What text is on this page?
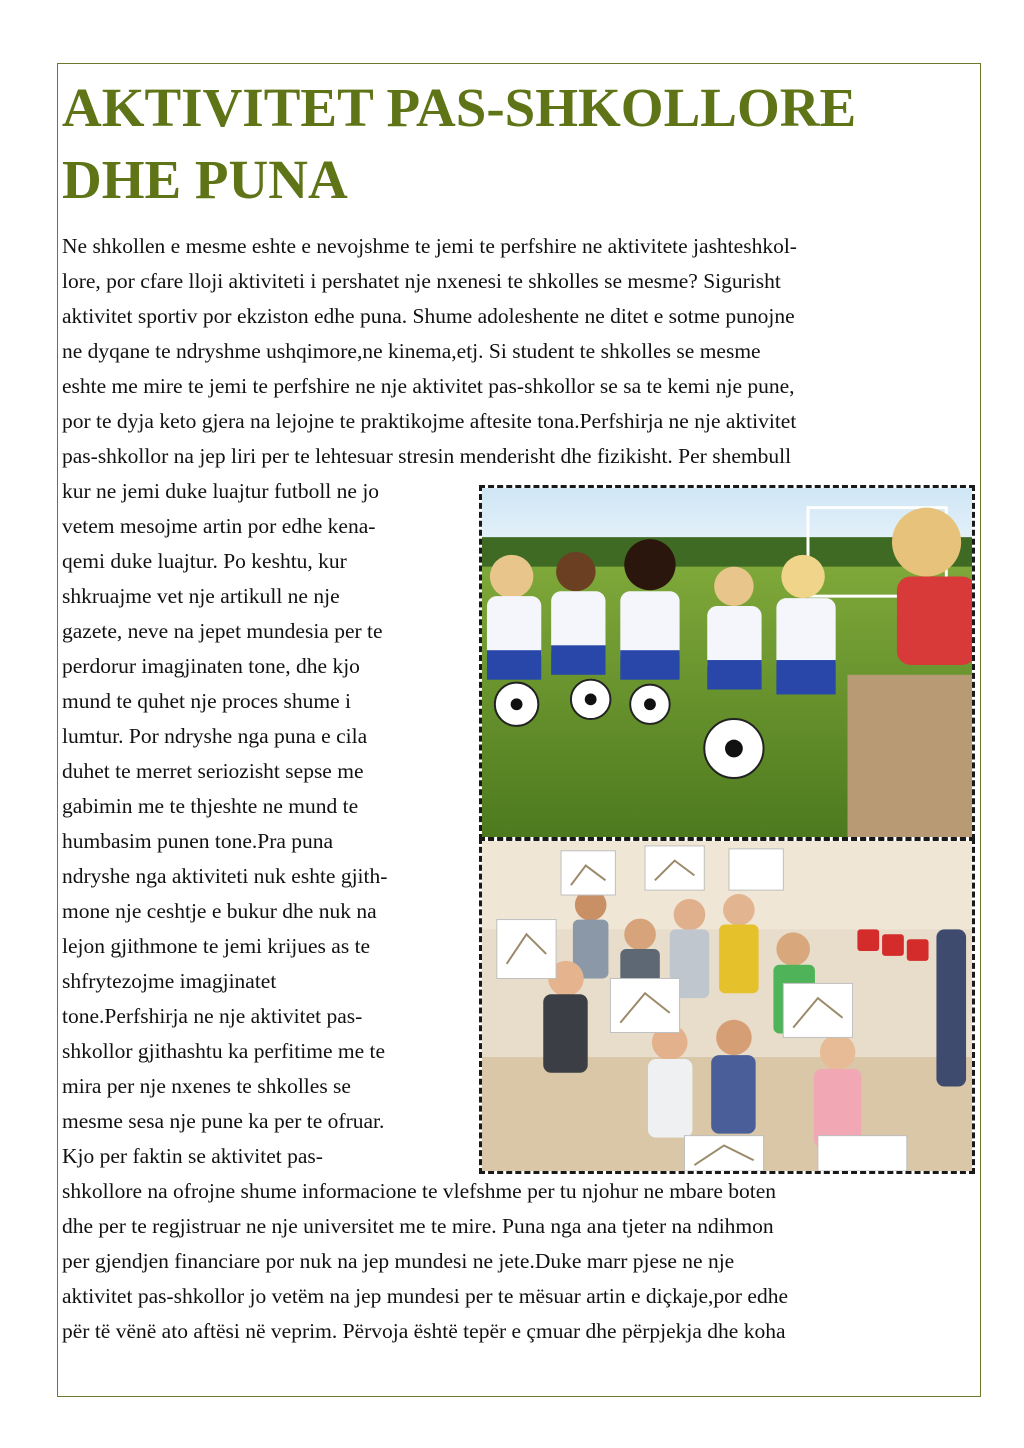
AKTIVITET PAS-SHKOLLORE
DHE PUNA

Ne shkollen e mesme eshte e nevojshme te jemi te perfshire ne aktivitete jashteshkol-

lore, por cfare lloji aktiviteti i pershatet nje nxenesi te shkolles se mesme? Sigurisht

aktivitet sportiv por ekziston edhe puna. Shume adoleshente ne ditet e sotme punojne

ne dyqane te ndryshme ushqimore,ne kinema,etj. Si student te shkolles se mesme

eshte me mire te jemi te perfshire ne nje aktivitet pas-shkollor se sa te kemi nje pune,

por te dyja keto gjera na lejojne te praktikojme aftesite tona.Perfshirja ne nje aktivitet

pas-shkollor na jep liri per te lehtesuar stresin menderisht dhe fizikisht. Per shembull

kur ne jemi duke luajtur futboll ne jo

vetem mesojme artin por edhe kena-

qemi duke luajtur. Po keshtu, kur

shkruajme vet nje artikull ne nje

gazete, neve na jepet mundesia per te

perdorur imagjinaten tone, dhe kjo

mund te quhet nje proces shume i

lumtur. Por ndryshe nga puna e cila

duhet te merret seriozisht sepse me

gabimin me te thjeshte ne mund te

humbasim punen tone.Pra puna

ndryshe nga aktiviteti nuk eshte gjith-

mone nje ceshtje e bukur dhe nuk na

lejon gjithmone te jemi krijues as te

shfrytezojme imagjinatet

tone.Perfshirja ne nje aktivitet pas-

shkollor gjithashtu ka perfitime me te

mira per nje nxenes te shkolles se

mesme sesa nje pune ka per te ofruar.

Kjo per faktin se aktivitet pas-

shkollore na ofrojne shume informacione te vlefshme per tu njohur ne mbare boten

dhe per te regjistruar ne nje universitet me te mire. Puna nga ana tjeter na ndihmon

per gjendjen financiare por nuk na jep mundesi ne jete.Duke marr pjese ne nje

aktivitet pas-shkollor jo vetëm na jep mundesi per te mësuar artin e diçkaje,por edhe

për të vënë ato aftësi në veprim. Përvoja është tepër e çmuar dhe përpjekja dhe koha
